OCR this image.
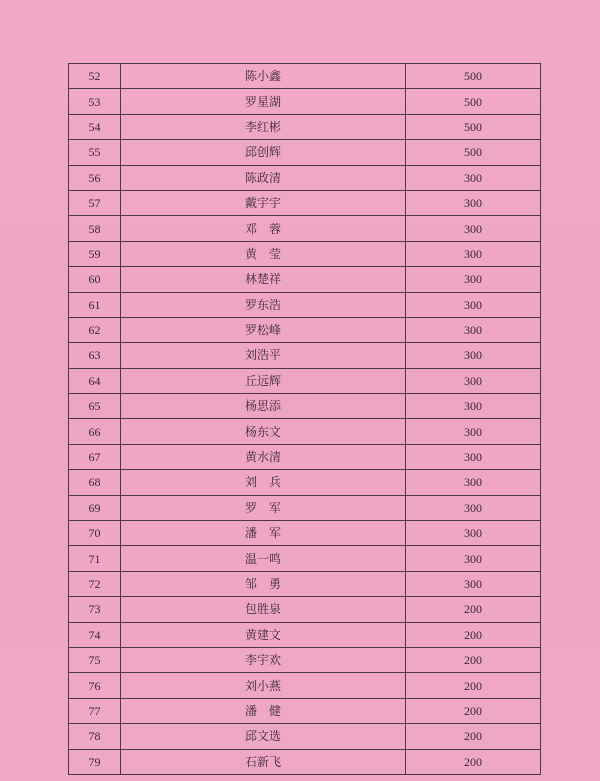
52	陈小鑫	500
53	罗星湖	500
54	李红彬	500
55	邱创辉	500
56	陈政清	300
57	戴宇宇	300
58	邓　蓉	300
59	黄　莹	300
60	林楚祥	300
61	罗东浩	300
62	罗松峰	300
63	刘浩平	300
64	丘远辉	300
65	杨思添	300
66	杨东文	300
67	黄水清	300
68	刘　兵	300
69	罗　军	300
70	潘　军	300
71	温一鸣	300
72	邹　勇	300
73	包胜泉	200
74	黄建文	200
75	李宇欢	200
76	刘小燕	200
77	潘　健	200
78	邱文选	200
79	石新飞	200
